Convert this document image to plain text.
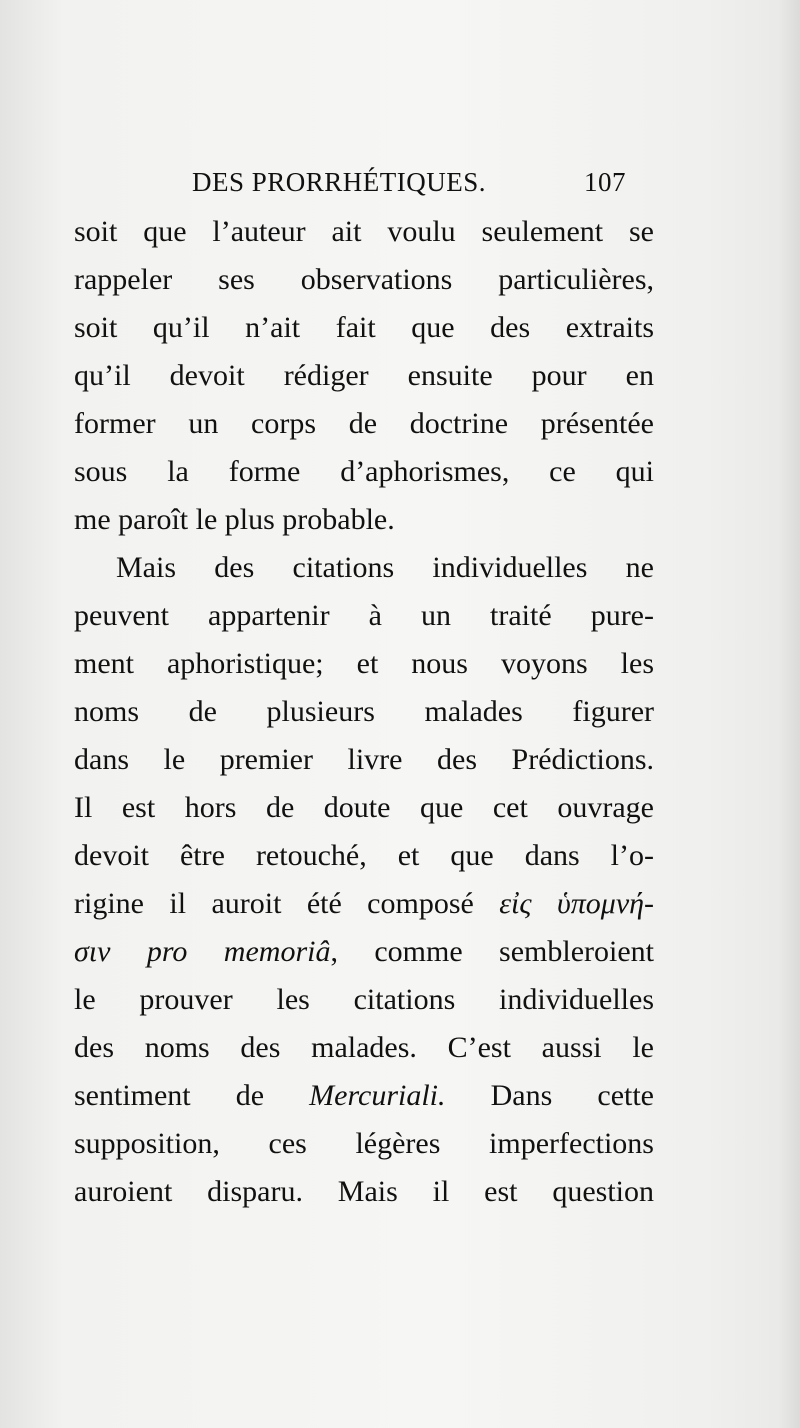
DES PRORRHÉTIQUES.	107
soit que l’auteur ait voulu seulement se
rappeler ses observations particulières,
soit qu’il n’ait fait que des extraits
qu’il devoit rédiger ensuite pour en
former un corps de doctrine présentée
sous la forme d’aphorismes, ce qui
me paroît le plus probable.
Mais des citations individuelles ne
peuvent appartenir à un traité pure-
ment aphoristique; et nous voyons les
noms de plusieurs malades figurer
dans le premier livre des Prédictions.
Il est hors de doute que cet ouvrage
devoit être retouché, et que dans l’o-
rigine il auroit été composé εἰς ὑπομνή-
σιν pro memoriâ, comme sembleroient
le prouver les citations individuelles
des noms des malades. C’est aussi le
sentiment de Mercuriali. Dans cette
supposition, ces légères imperfections
auroient disparu. Mais il est question
